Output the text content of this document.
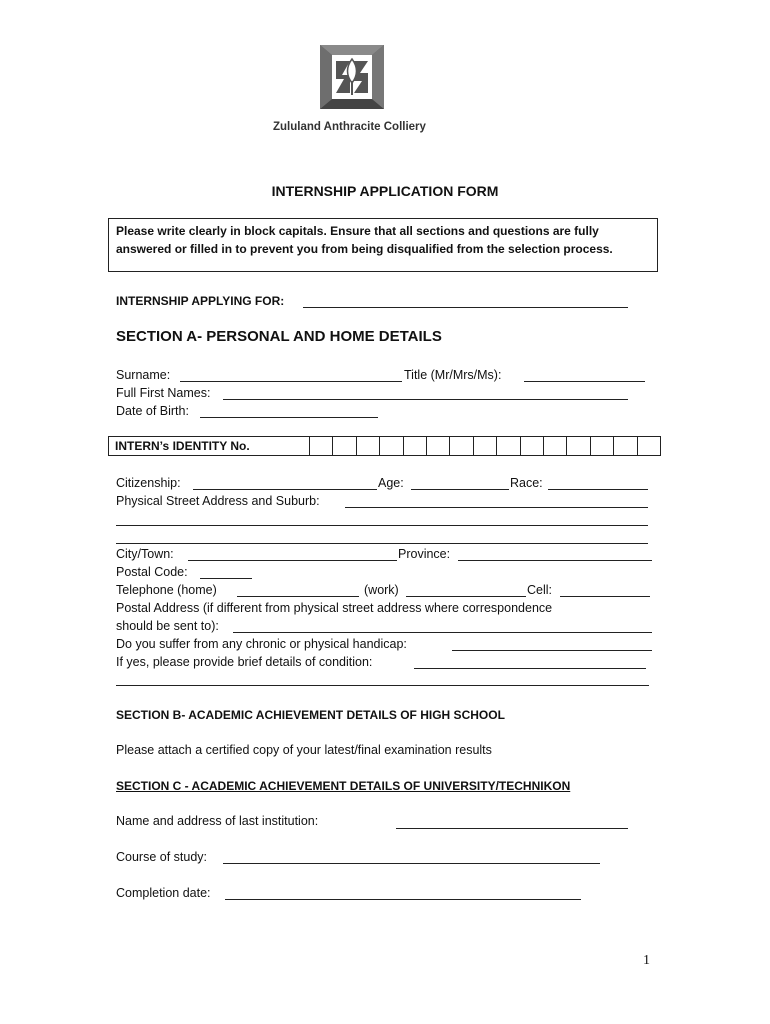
Zululand Anthracite Colliery
INTERNSHIP APPLICATION FORM
Please write clearly in block capitals. Ensure that all sections and questions are fully answered or filled in to prevent you from being disqualified from the selection process.
INTERNSHIP APPLYING FOR:
SECTION A- PERSONAL AND HOME DETAILS
Surname:	Title (Mr/Mrs/Ms):
Full First Names:
Date of Birth:
INTERN’s IDENTITY No.
Citizenship:	Age:	Race:
Physical Street Address and Suburb:
City/Town:	Province:
Postal Code:
Telephone (home)	(work)	Cell:
Postal Address (if different from physical street address where correspondence
should be sent to):
Do you suffer from any chronic or physical handicap:
If yes, please provide brief details of condition:
SECTION B- ACADEMIC ACHIEVEMENT DETAILS OF HIGH SCHOOL
Please attach a certified copy of your latest/final examination results
SECTION C - ACADEMIC ACHIEVEMENT DETAILS OF UNIVERSITY/TECHNIKON
Name and address of last institution:
Course of study:
Completion date:
1
